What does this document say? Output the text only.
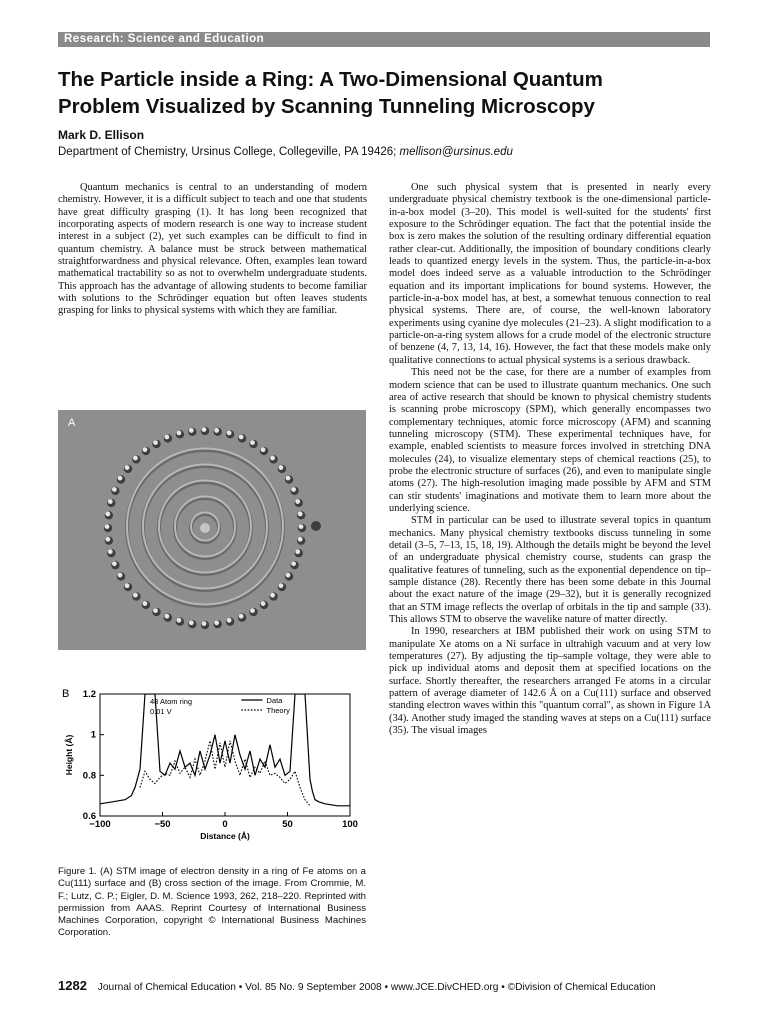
Research: Science and Education
The Particle inside a Ring: A Two-Dimensional Quantum
Problem Visualized by Scanning Tunneling Microscopy
Mark D. Ellison
Department of Chemistry, Ursinus College, Collegeville, PA 19426; mellison@ursinus.edu

Quantum mechanics is central to an understanding of modern chemistry. However, it is a difficult subject to teach and one that students have great difficulty grasping (1). It has long been recognized that incorporating aspects of modern research is one way to increase student interest in a subject (2), yet such examples can be difficult to find in quantum chemistry. A balance must be struck between mathematical straightforwardness and physical relevance. Often, examples lean toward mathematical tractability so as not to overwhelm undergraduate students. This approach has the advantage of allowing students to become familiar with solutions to the Schrödinger equation but often leaves students grasping for links to physical systems with which they are familiar.

A
B
0.6
0.8
1
1.2
−100	−50	0	50	100
Distance (Å)
Height (Å)
48 Atom ring
0.01 V
Data
Theory
Figure 1. (A) STM image of electron density in a ring of Fe atoms on a Cu(111) surface and (B) cross section of the image. From Crommie, M. F.; Lutz, C. P.; Eigler, D. M. Science 1993, 262, 218–220. Reprinted with permission from AAAS. Reprint Courtesy of International Business Machines Corporation, copyright © International Business Machines Corporation.

One such physical system that is presented in nearly every undergraduate physical chemistry textbook is the one-dimensional particle-in-a-box model (3–20). This model is well-suited for the students' first exposure to the Schrödinger equation. The fact that the potential inside the box is zero makes the solution of the resulting ordinary differential equation rather clear-cut. Additionally, the imposition of boundary conditions clearly leads to quantized energy levels in the system. Thus, the particle-in-a-box model does indeed serve as a valuable introduction to the Schrödinger equation and its important implications for bound systems. However, the particle-in-a-box model has, at best, a somewhat tenuous connection to real physical systems. There are, of course, the well-known laboratory experiments using cyanine dye molecules (21–23). A slight modification to a particle-on-a-ring system allows for a crude model of the electronic structure of benzene (4, 7, 13, 14, 16). However, the fact that these models make only qualitative connections to actual physical systems is a serious drawback.

This need not be the case, for there are a number of examples from modern science that can be used to illustrate quantum mechanics. One such area of active research that should be known to physical chemistry students is scanning probe microscopy (SPM), which generally encompasses two complementary techniques, atomic force microscopy (AFM) and scanning tunneling microscopy (STM). These experimental techniques have, for example, enabled scientists to measure forces involved in stretching DNA molecules (24), to visualize elementary steps of chemical reactions (25), to probe the electronic structure of surfaces (26), and even to manipulate single atoms (27). The high-resolution imaging made possible by AFM and STM can stir students' imaginations and motivate them to learn more about the underlying science.

STM in particular can be used to illustrate several topics in quantum mechanics. Many physical chemistry textbooks discuss tunneling in some detail (3–5, 7–13, 15, 18, 19). Although the details might be beyond the level of an undergraduate physical chemistry course, students can grasp the qualitative features of tunneling, such as the exponential dependence on tip–sample distance (28). Recently there has been some debate in this Journal about the exact nature of the image (29–32), but it is generally recognized that an STM image reflects the overlap of orbitals in the tip and sample (33). This allows STM to observe the wavelike nature of matter directly.

In 1990, researchers at IBM published their work on using STM to manipulate Xe atoms on a Ni surface in ultrahigh vacuum and at very low temperatures (27). By adjusting the tip–sample voltage, they were able to pick up individual atoms and deposit them at specified locations on the surface. Shortly thereafter, the researchers arranged Fe atoms in a circular pattern of average diameter of 142.6 Å on a Cu(111) surface and observed standing electron waves within this "quantum corral", as shown in Figure 1A (34). Another study imaged the standing waves at steps on a Cu(111) surface (35). The visual images

1282 Journal of Chemical Education • Vol. 85 No. 9 September 2008 • www.JCE.DivCHED.org • ©Division of Chemical Education
